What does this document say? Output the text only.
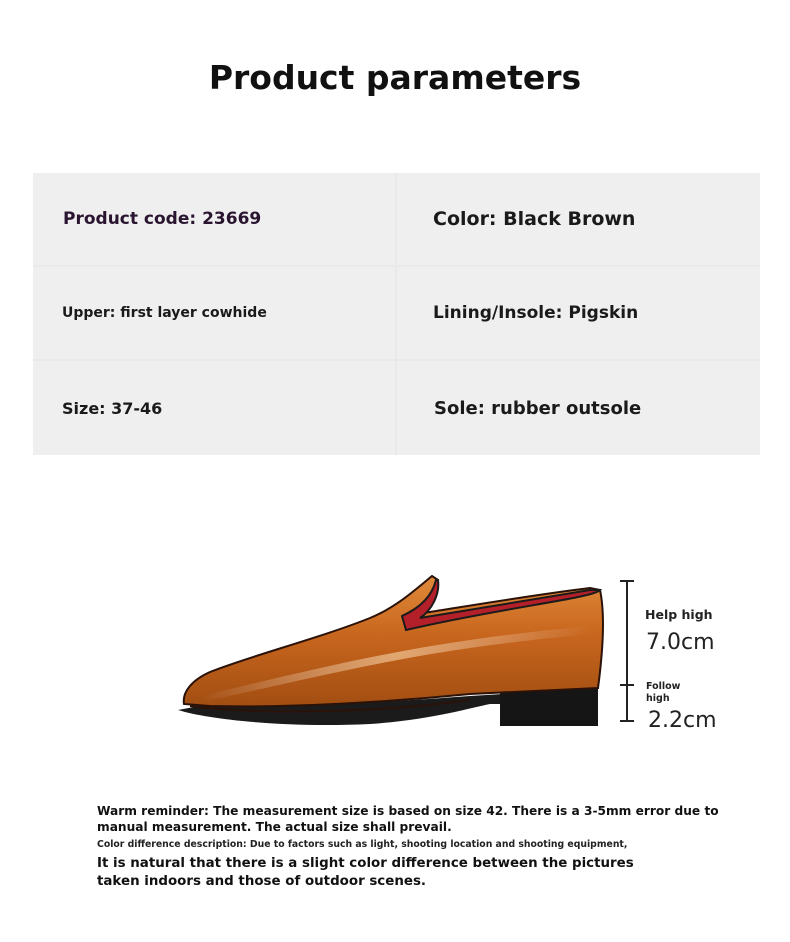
Product parameters
Product code: 23669	Color: Black Brown
Upper: first layer cowhide	Lining/Insole: Pigskin
Size: 37-46	Sole: rubber outsole
Help high
7.0cm
Follow
high
2.2cm
Warm reminder: The measurement size is based on size 42. There is a 3-5mm error due to manual measurement. The actual size shall prevail.
Color difference description: Due to factors such as light, shooting location and shooting equipment,
It is natural that there is a slight color difference between the pictures taken indoors and those of outdoor scenes.
